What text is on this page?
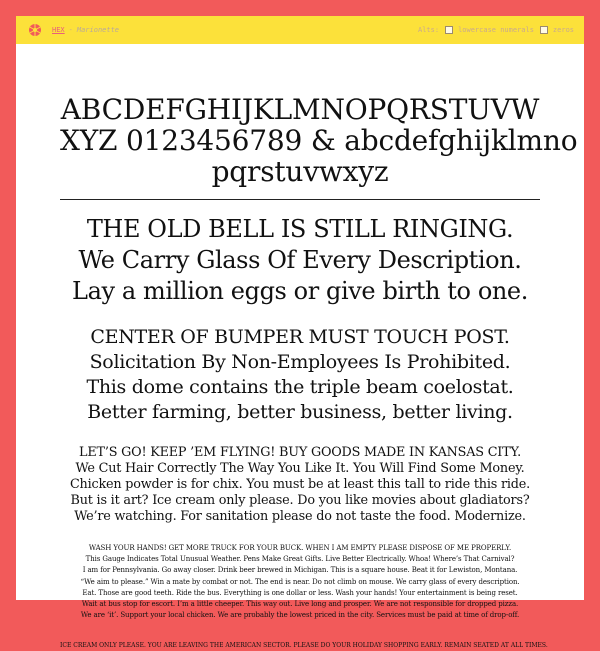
HEX - Marionette	Alts:	lowercase numerals	zeros
ABCDEFGHIJKLMNOPQRSTUVW
XYZ 0123456789 & abcdefghijklmno
pqrstuvwxyz
THE OLD BELL IS STILL RINGING.
We Carry Glass Of Every Description.
Lay a million eggs or give birth to one.
CENTER OF BUMPER MUST TOUCH POST.
Solicitation By Non-Employees Is Prohibited.
This dome contains the triple beam coelostat.
Better farming, better business, better living.
LET’S GO! KEEP ’EM FLYING! BUY GOODS MADE IN KANSAS CITY.
We Cut Hair Correctly The Way You Like It. You Will Find Some Money.
Chicken powder is for chix. You must be at least this tall to ride this ride.
But is it art? Ice cream only please. Do you like movies about gladiators?
We’re watching. For sanitation please do not taste the food. Modernize.
WASH YOUR HANDS! GET MORE TRUCK FOR YOUR BUCK. WHEN I AM EMPTY PLEASE DISPOSE OF ME PROPERLY.
This Gauge Indicates Total Unusual Weather. Pens Make Great Gifts. Live Better Electrically. Whoa! Where’s That Carnival?
I am for Pennsylvania. Go away closer. Drink beer brewed in Michigan. This is a square house. Beat it for Lewiston, Montana.
“We aim to please.” Win a mate by combat or not. The end is near. Do not climb on mouse. We carry glass of every description.
Eat. Those are good teeth. Ride the bus. Everything is one dollar or less. Wash your hands! Your entertainment is being reset.
Wait at bus stop for escort. I’m a little cheeper. This way out. Live long and prosper. We are not responsible for dropped pizza.
We are ‘it’. Support your local chicken. We are probably the lowest priced in the city. Services must be paid at time of drop-off.
ICE CREAM ONLY PLEASE. YOU ARE LEAVING THE AMERICAN SECTOR. PLEASE DO YOUR HOLIDAY SHOPPING EARLY. REMAIN SEATED AT ALL TIMES.
